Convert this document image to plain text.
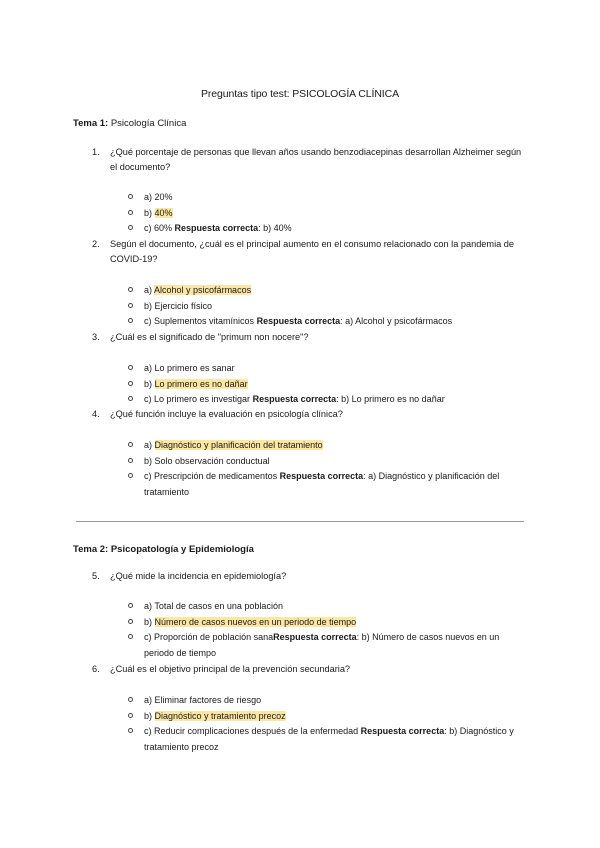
Preguntas tipo test: PSICOLOGÍA CLÍNICA
Tema 1: Psicología Clínica
1.	¿Qué porcentaje de personas que llevan años usando benzodiacepinas desarrollan Alzheimer según el documento?
a) 20%
b) 40%
c) 60% Respuesta correcta: b) 40%
2.	Según el documento, ¿cuál es el principal aumento en el consumo relacionado con la pandemia de COVID-19?
a) Alcohol y psicofármacos
b) Ejercicio físico
c) Suplementos vitamínicos Respuesta correcta: a) Alcohol y psicofármacos
3.	¿Cuál es el significado de "primum non nocere"?
a) Lo primero es sanar
b) Lo primero es no dañar
c) Lo primero es investigar Respuesta correcta: b) Lo primero es no dañar
4.	¿Qué función incluye la evaluación en psicología clínica?
a) Diagnóstico y planificación del tratamiento
b) Solo observación conductual
c) Prescripción de medicamentos Respuesta correcta: a) Diagnóstico y planificación del tratamiento
Tema 2: Psicopatología y Epidemiología
5.	¿Qué mide la incidencia en epidemiología?
a) Total de casos en una población
b) Número de casos nuevos en un periodo de tiempo
c) Proporción de población sanaRespuesta correcta: b) Número de casos nuevos en un periodo de tiempo
6.	¿Cuál es el objetivo principal de la prevención secundaria?
a) Eliminar factores de riesgo
b) Diagnóstico y tratamiento precoz
c) Reducir complicaciones después de la enfermedad Respuesta correcta: b) Diagnóstico y tratamiento precoz
